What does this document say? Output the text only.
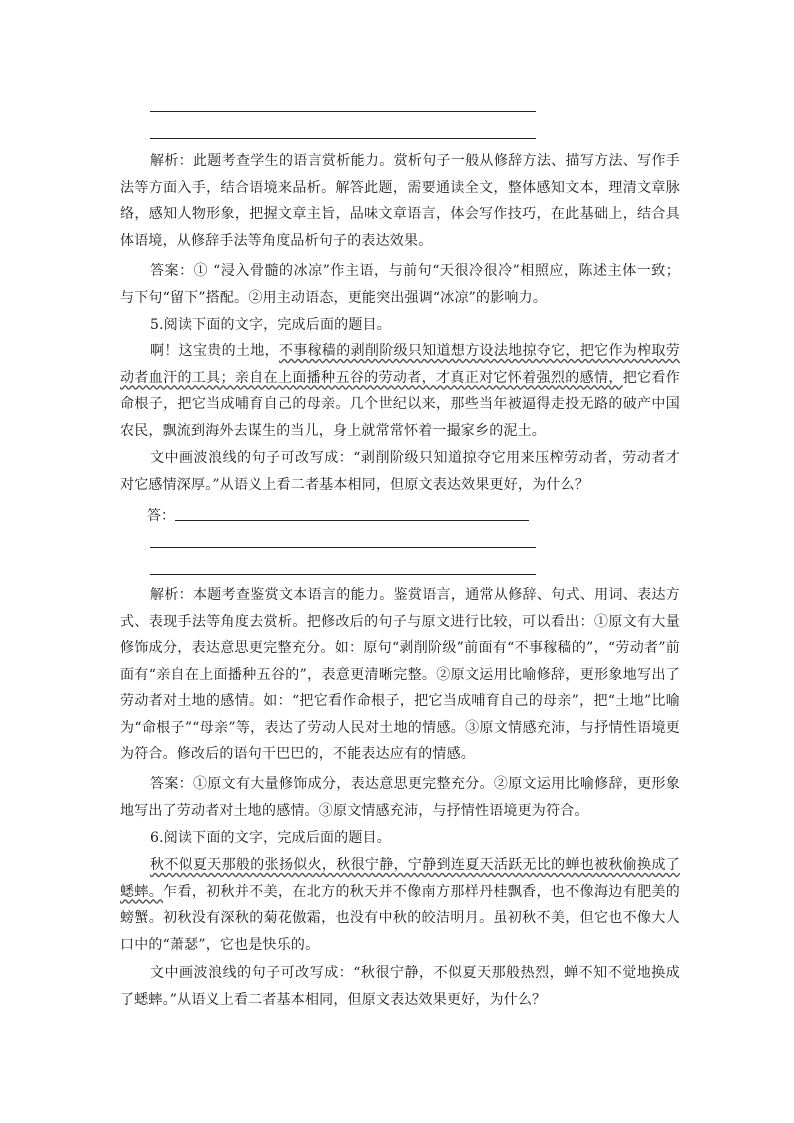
解析：此题考查学生的语言赏析能力。赏析句子一般从修辞方法、描写方法、写作手法等方面入手，结合语境来品析。解答此题，需要通读全文，整体感知文本，理清文章脉络，感知人物形象，把握文章主旨，品味文章语言，体会写作技巧，在此基础上，结合具体语境，从修辞手法等角度品析句子的表达效果。
答案：① “浸入骨髓的冰凉”作主语，与前句“天很冷很冷”相照应，陈述主体一致；与下句“留下”搭配。②用主动语态，更能突出强调“冰凉”的影响力。
5.阅读下面的文字，完成后面的题目。
啊！这宝贵的土地，不事稼穑的剥削阶级只知道想方设法地掠夺它，把它作为榨取劳动者血汗的工具；亲自在上面播种五谷的劳动者，才真正对它怀着强烈的感情，把它看作命根子，把它当成哺育自己的母亲。几个世纪以来，那些当年被逼得走投无路的破产中国农民，飘流到海外去谋生的当儿，身上就常常怀着一撮家乡的泥土。
文中画波浪线的句子可改写成：“剥削阶级只知道掠夺它用来压榨劳动者，劳动者才对它感情深厚。”从语义上看二者基本相同，但原文表达效果更好，为什么？
答：
解析：本题考查鉴赏文本语言的能力。鉴赏语言，通常从修辞、句式、用词、表达方式、表现手法等角度去赏析。把修改后的句子与原文进行比较，可以看出：①原文有大量修饰成分，表达意思更完整充分。如：原句“剥削阶级”前面有“不事稼穑的”，“劳动者”前面有“亲自在上面播种五谷的”，表意更清晰完整。②原文运用比喻修辞，更形象地写出了劳动者对土地的感情。如：“把它看作命根子，把它当成哺育自己的母亲”，把“土地”比喻为“命根子”“母亲”等，表达了劳动人民对土地的情感。③原文情感充沛，与抒情性语境更为符合。修改后的语句干巴巴的，不能表达应有的情感。
答案：①原文有大量修饰成分，表达意思更完整充分。②原文运用比喻修辞，更形象地写出了劳动者对土地的感情。③原文情感充沛，与抒情性语境更为符合。
6.阅读下面的文字，完成后面的题目。
秋不似夏天那般的张扬似火，秋很宁静，宁静到连夏天活跃无比的蝉也被秋偷换成了蟋蟀。乍看，初秋并不美，在北方的秋天并不像南方那样丹桂飘香，也不像海边有肥美的螃蟹。初秋没有深秋的菊花傲霜，也没有中秋的皎洁明月。虽初秋不美，但它也不像大人口中的“萧瑟”，它也是快乐的。
文中画波浪线的句子可改写成：“秋很宁静，不似夏天那般热烈，蝉不知不觉地换成了蟋蟀。”从语义上看二者基本相同，但原文表达效果更好，为什么？
